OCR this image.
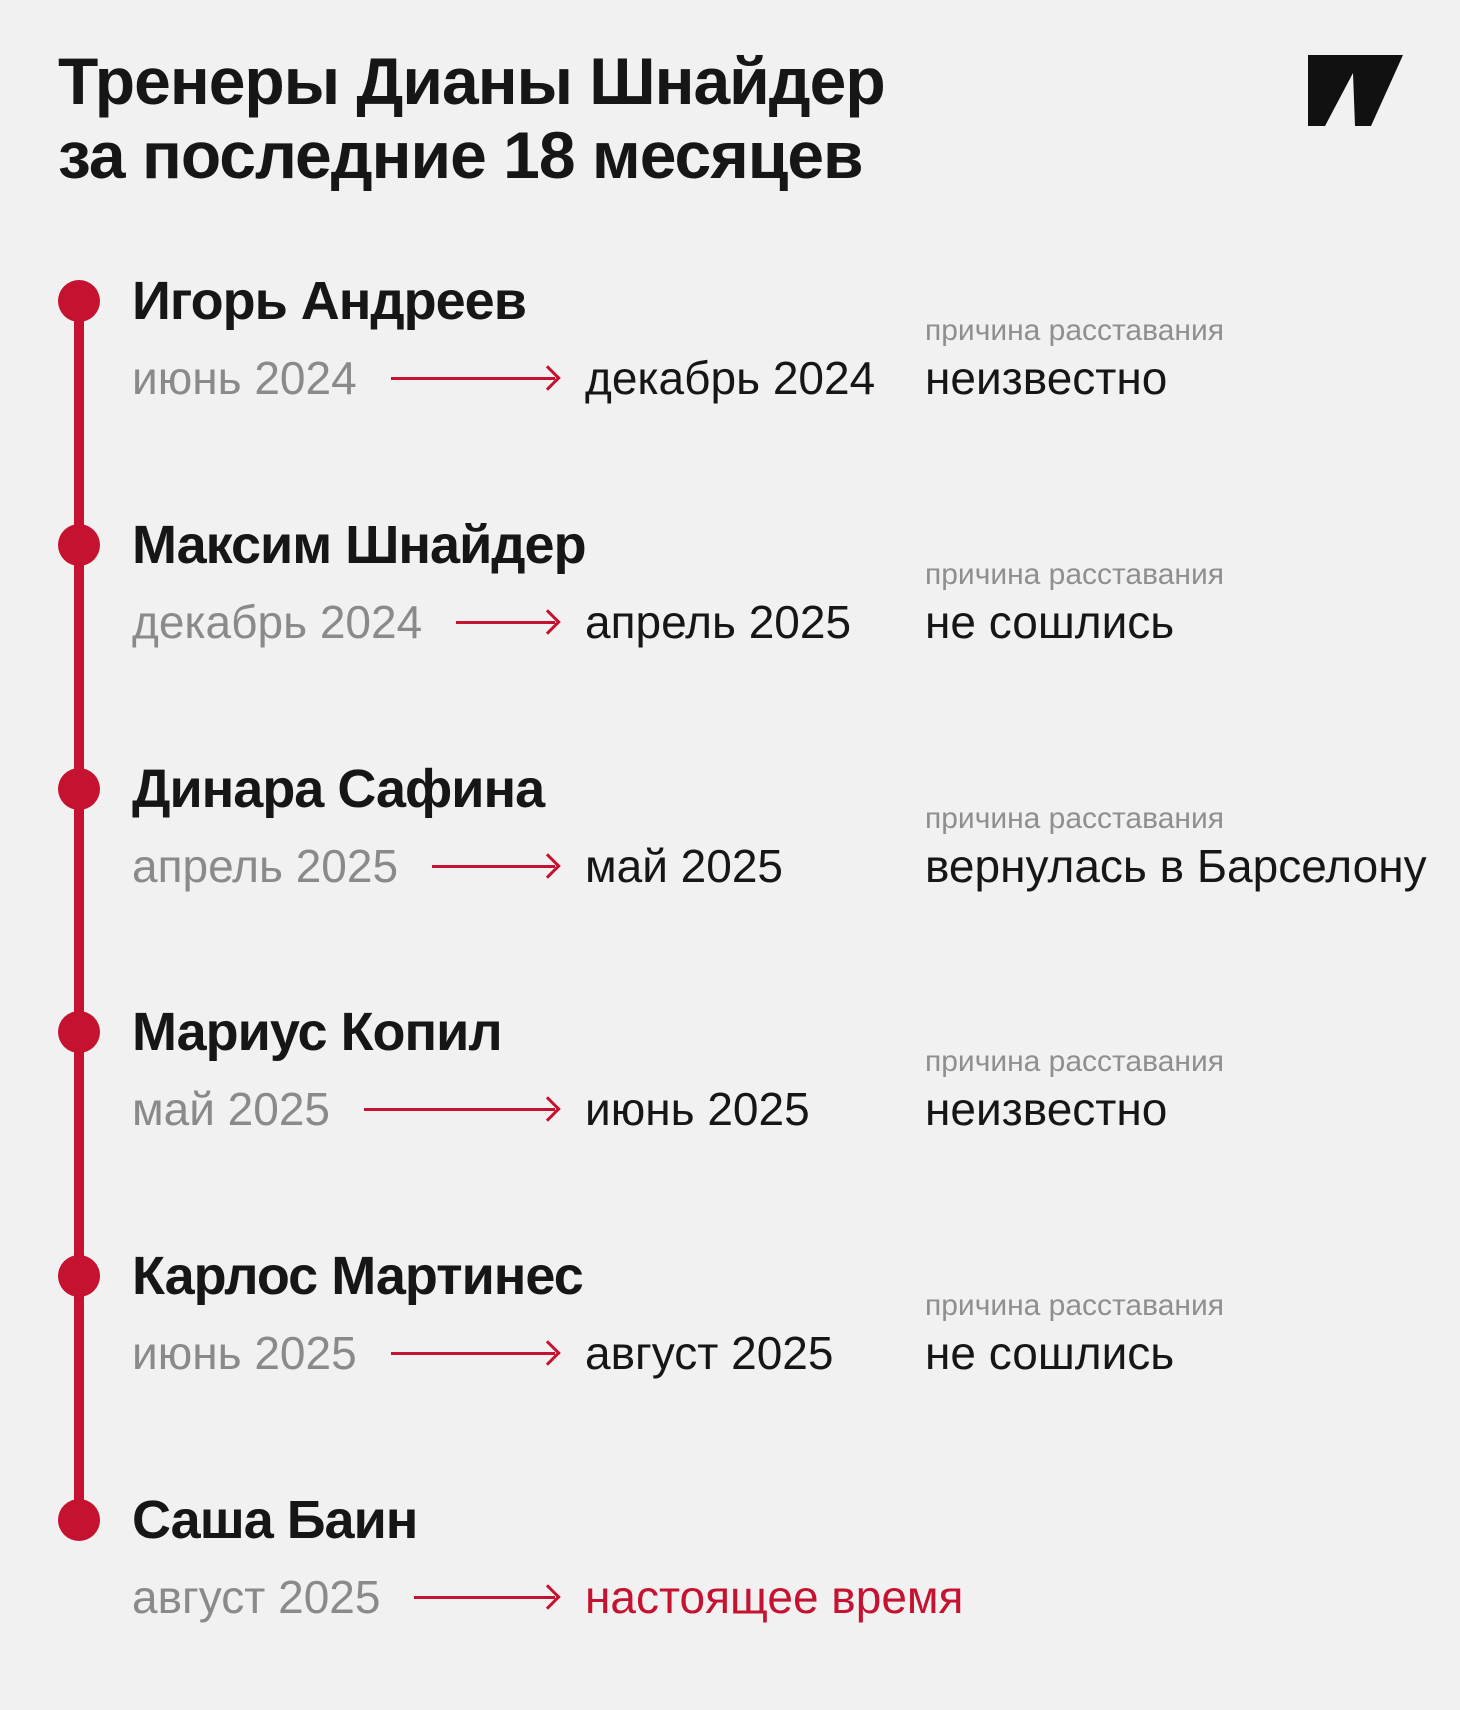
Тренеры Дианы Шнайдер
за последние 18 месяцев
Игорь Андреев
июнь 2024	декабрь 2024
причина расставания
неизвестно
Максим Шнайдер
декабрь 2024	апрель 2025
причина расставания
не сошлись
Динара Сафина
апрель 2025	май 2025
причина расставания
вернулась в Барселону
Мариус Копил
май 2025	июнь 2025
причина расставания
неизвестно
Карлос Мартинес
июнь 2025	август 2025
причина расставания
не сошлись
Саша Баин
август 2025	настоящее время
